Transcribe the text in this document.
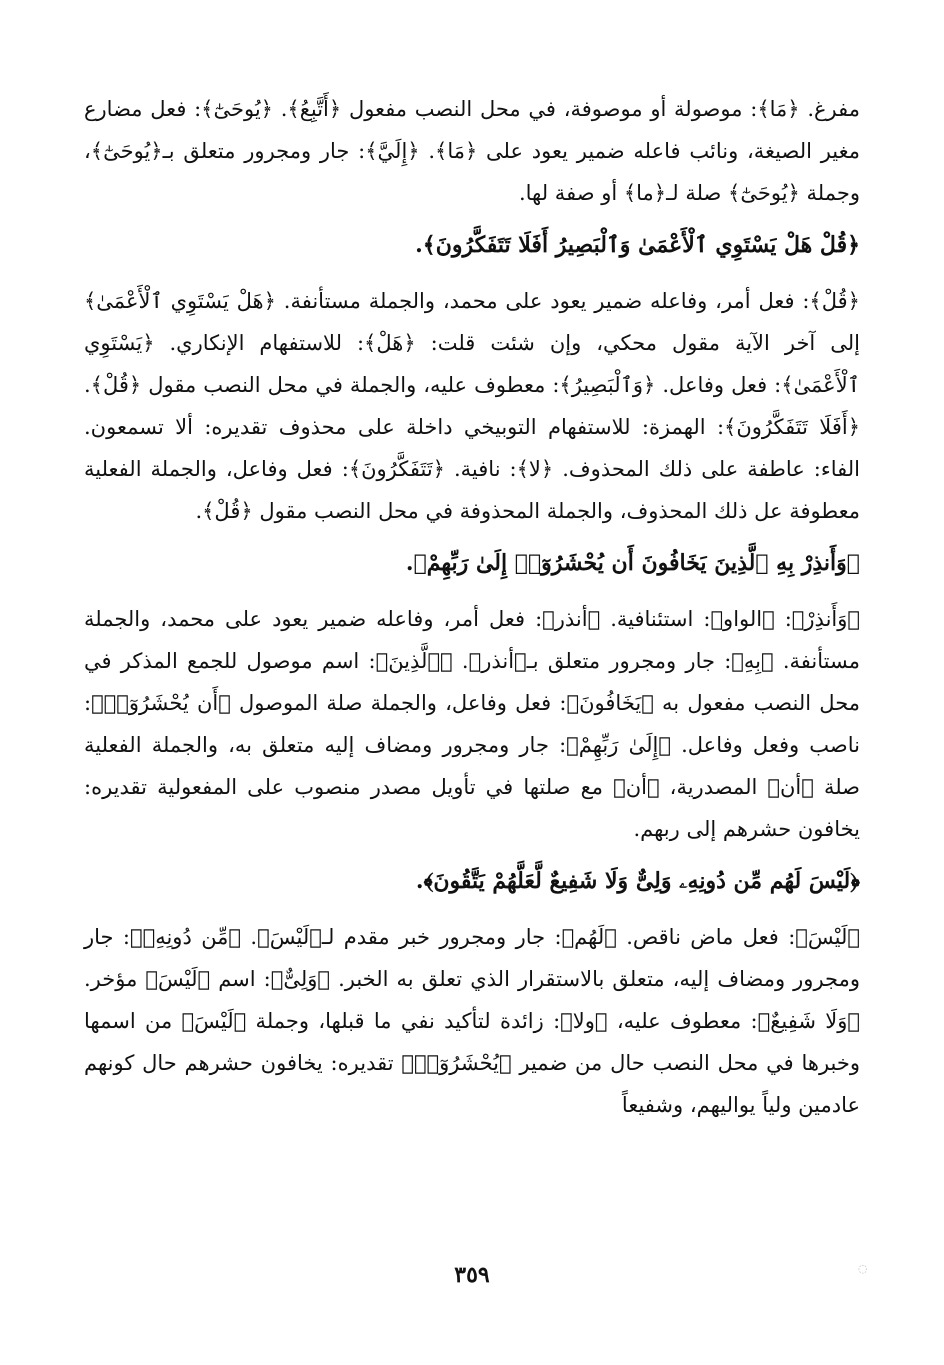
مفرغ. ﴿مَا﴾: موصولة أو موصوفة، في محل النصب مفعول ﴿أَتَّبِعُ﴾. ﴿يُوحَىٰٓ﴾: فعل مضارع مغير الصيغة، ونائب فاعله ضمير يعود على ﴿مَا﴾. ﴿إِلَيَّ﴾: جار ومجرور متعلق بـ﴿يُوحَىٰٓ﴾، وجملة ﴿يُوحَىٰٓ﴾ صلة لـ﴿ما﴾ أو صفة لها.

﴿قُلْ هَلْ يَسْتَوِي ٱلْأَعْمَىٰ وَٱلْبَصِيرُ أَفَلَا تَتَفَكَّرُونَ﴾.

﴿قُلْ﴾: فعل أمر، وفاعله ضمير يعود على محمد، والجملة مستأنفة. ﴿هَلْ يَسْتَوِي ٱلْأَعْمَىٰ﴾ إلى آخر الآية مقول محكي، وإن شئت قلت: ﴿هَلْ﴾: للاستفهام الإنكاري. ﴿يَسْتَوِي ٱلْأَعْمَىٰ﴾: فعل وفاعل. ﴿وَٱلْبَصِيرُ﴾: معطوف عليه، والجملة في محل النصب مقول ﴿قُلْ﴾. ﴿أَفَلَا تَتَفَكَّرُونَ﴾: الهمزة: للاستفهام التوبيخي داخلة على محذوف تقديره: ألا تسمعون. الفاء: عاطفة على ذلك المحذوف. ﴿لا﴾: نافية. ﴿تَتَفَكَّرُونَ﴾: فعل وفاعل، والجملة الفعلية معطوفة عل ذلك المحذوف، والجملة المحذوفة في محل النصب مقول ﴿قُلْ﴾.

﴿وَأَنذِرْ بِهِ ٱلَّذِينَ يَخَافُونَ أَن يُحْشَرُوٓا۟ إِلَىٰ رَبِّهِمْ﴾.

﴿وَأَنذِرْ﴾: ﴿الواو﴾: استئنافية. ﴿أنذر﴾: فعل أمر، وفاعله ضمير يعود على محمد، والجملة مستأنفة. ﴿بِهِ﴾: جار ومجرور متعلق بـ﴿أنذر﴾. ﴿ٱلَّذِينَ﴾: اسم موصول للجمع المذكر في محل النصب مفعول به ﴿يَخَافُونَ﴾: فعل وفاعل، والجملة صلة الموصول ﴿أَن يُحْشَرُوٓا۟﴾: ناصب وفعل وفاعل. ﴿إِلَىٰ رَبِّهِمْ﴾: جار ومجرور ومضاف إليه متعلق به، والجملة الفعلية صلة ﴿أن﴾ المصدرية، ﴿أن﴾ مع صلتها في تأويل مصدر منصوب على المفعولية تقديره: يخافون حشرهم إلى ربهم.

﴿لَيْسَ لَهُم مِّن دُونِهِۦ وَلِىٌّ وَلَا شَفِيعٌ لَّعَلَّهُمْ يَتَّقُونَ﴾.

﴿لَيْسَ﴾: فعل ماض ناقص. ﴿لَهُم﴾: جار ومجرور خبر مقدم لـ﴿لَيْسَ﴾. ﴿مِّن دُونِهِۦ﴾: جار ومجرور ومضاف إليه، متعلق بالاستقرار الذي تعلق به الخبر. ﴿وَلِىٌّ﴾: اسم ﴿لَيْسَ﴾ مؤخر. ﴿وَلَا شَفِيعٌ﴾: معطوف عليه، ﴿ولا﴾: زائدة لتأكيد نفي ما قبلها، وجملة ﴿لَيْسَ﴾ من اسمها وخبرها في محل النصب حال من ضمير ﴿يُحْشَرُوٓا۟﴾ تقديره: يخافون حشرهم حال كونهم عادمين ولياً يواليهم، وشفيعاً

٣٥٩	◌
